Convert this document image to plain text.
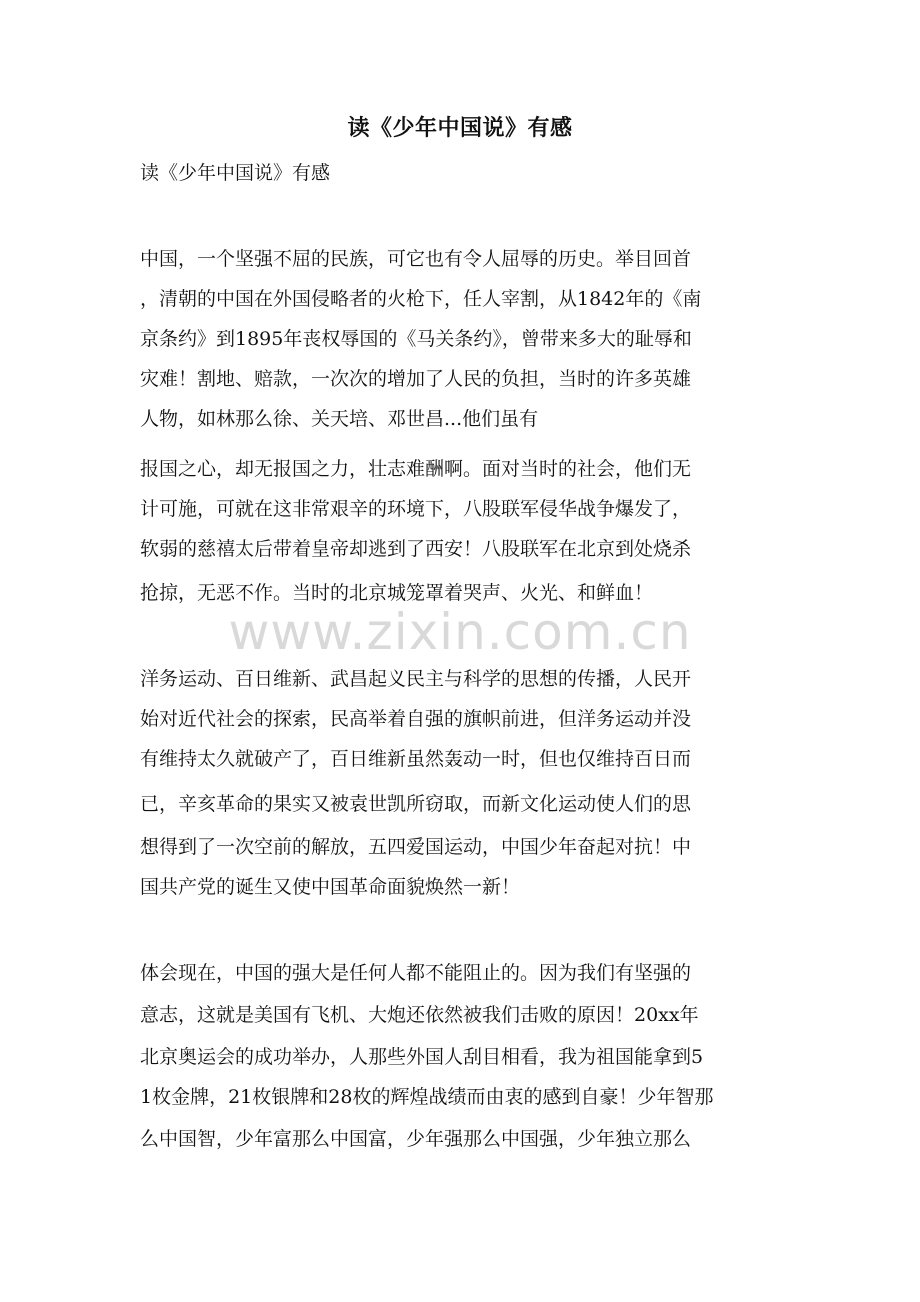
读《少年中国说》有感
读《少年中国说》有感
中国，一个坚强不屈的民族，可它也有令人屈辱的历史。举目回首
，清朝的中国在外国侵略者的火枪下，任人宰割，从1842年的《南
京条约》到1895年丧权辱国的《马关条约》，曾带来多大的耻辱和
灾难！割地、赔款，一次次的增加了人民的负担，当时的许多英雄
人物，如林那么徐、关天培、邓世昌...他们虽有
报国之心，却无报国之力，壮志难酬啊。面对当时的社会，他们无
计可施，可就在这非常艰辛的环境下，八股联军侵华战争爆发了，
软弱的慈禧太后带着皇帝却逃到了西安！八股联军在北京到处烧杀
抢掠，无恶不作。当时的北京城笼罩着哭声、火光、和鲜血！
www.zixin.com.cn
洋务运动、百日维新、武昌起义民主与科学的思想的传播，人民开
始对近代社会的探索，民高举着自强的旗帜前进，但洋务运动并没
有维持太久就破产了，百日维新虽然轰动一时，但也仅维持百日而
已，辛亥革命的果实又被袁世凯所窃取，而新文化运动使人们的思
想得到了一次空前的解放，五四爱国运动，中国少年奋起对抗！中
国共产党的诞生又使中国革命面貌焕然一新！
体会现在，中国的强大是任何人都不能阻止的。因为我们有坚强的
意志，这就是美国有飞机、大炮还依然被我们击败的原因！20xx年
北京奥运会的成功举办，人那些外国人刮目相看，我为祖国能拿到5
1枚金牌，21枚银牌和28枚的辉煌战绩而由衷的感到自豪！少年智那
么中国智，少年富那么中国富，少年强那么中国强，少年独立那么
